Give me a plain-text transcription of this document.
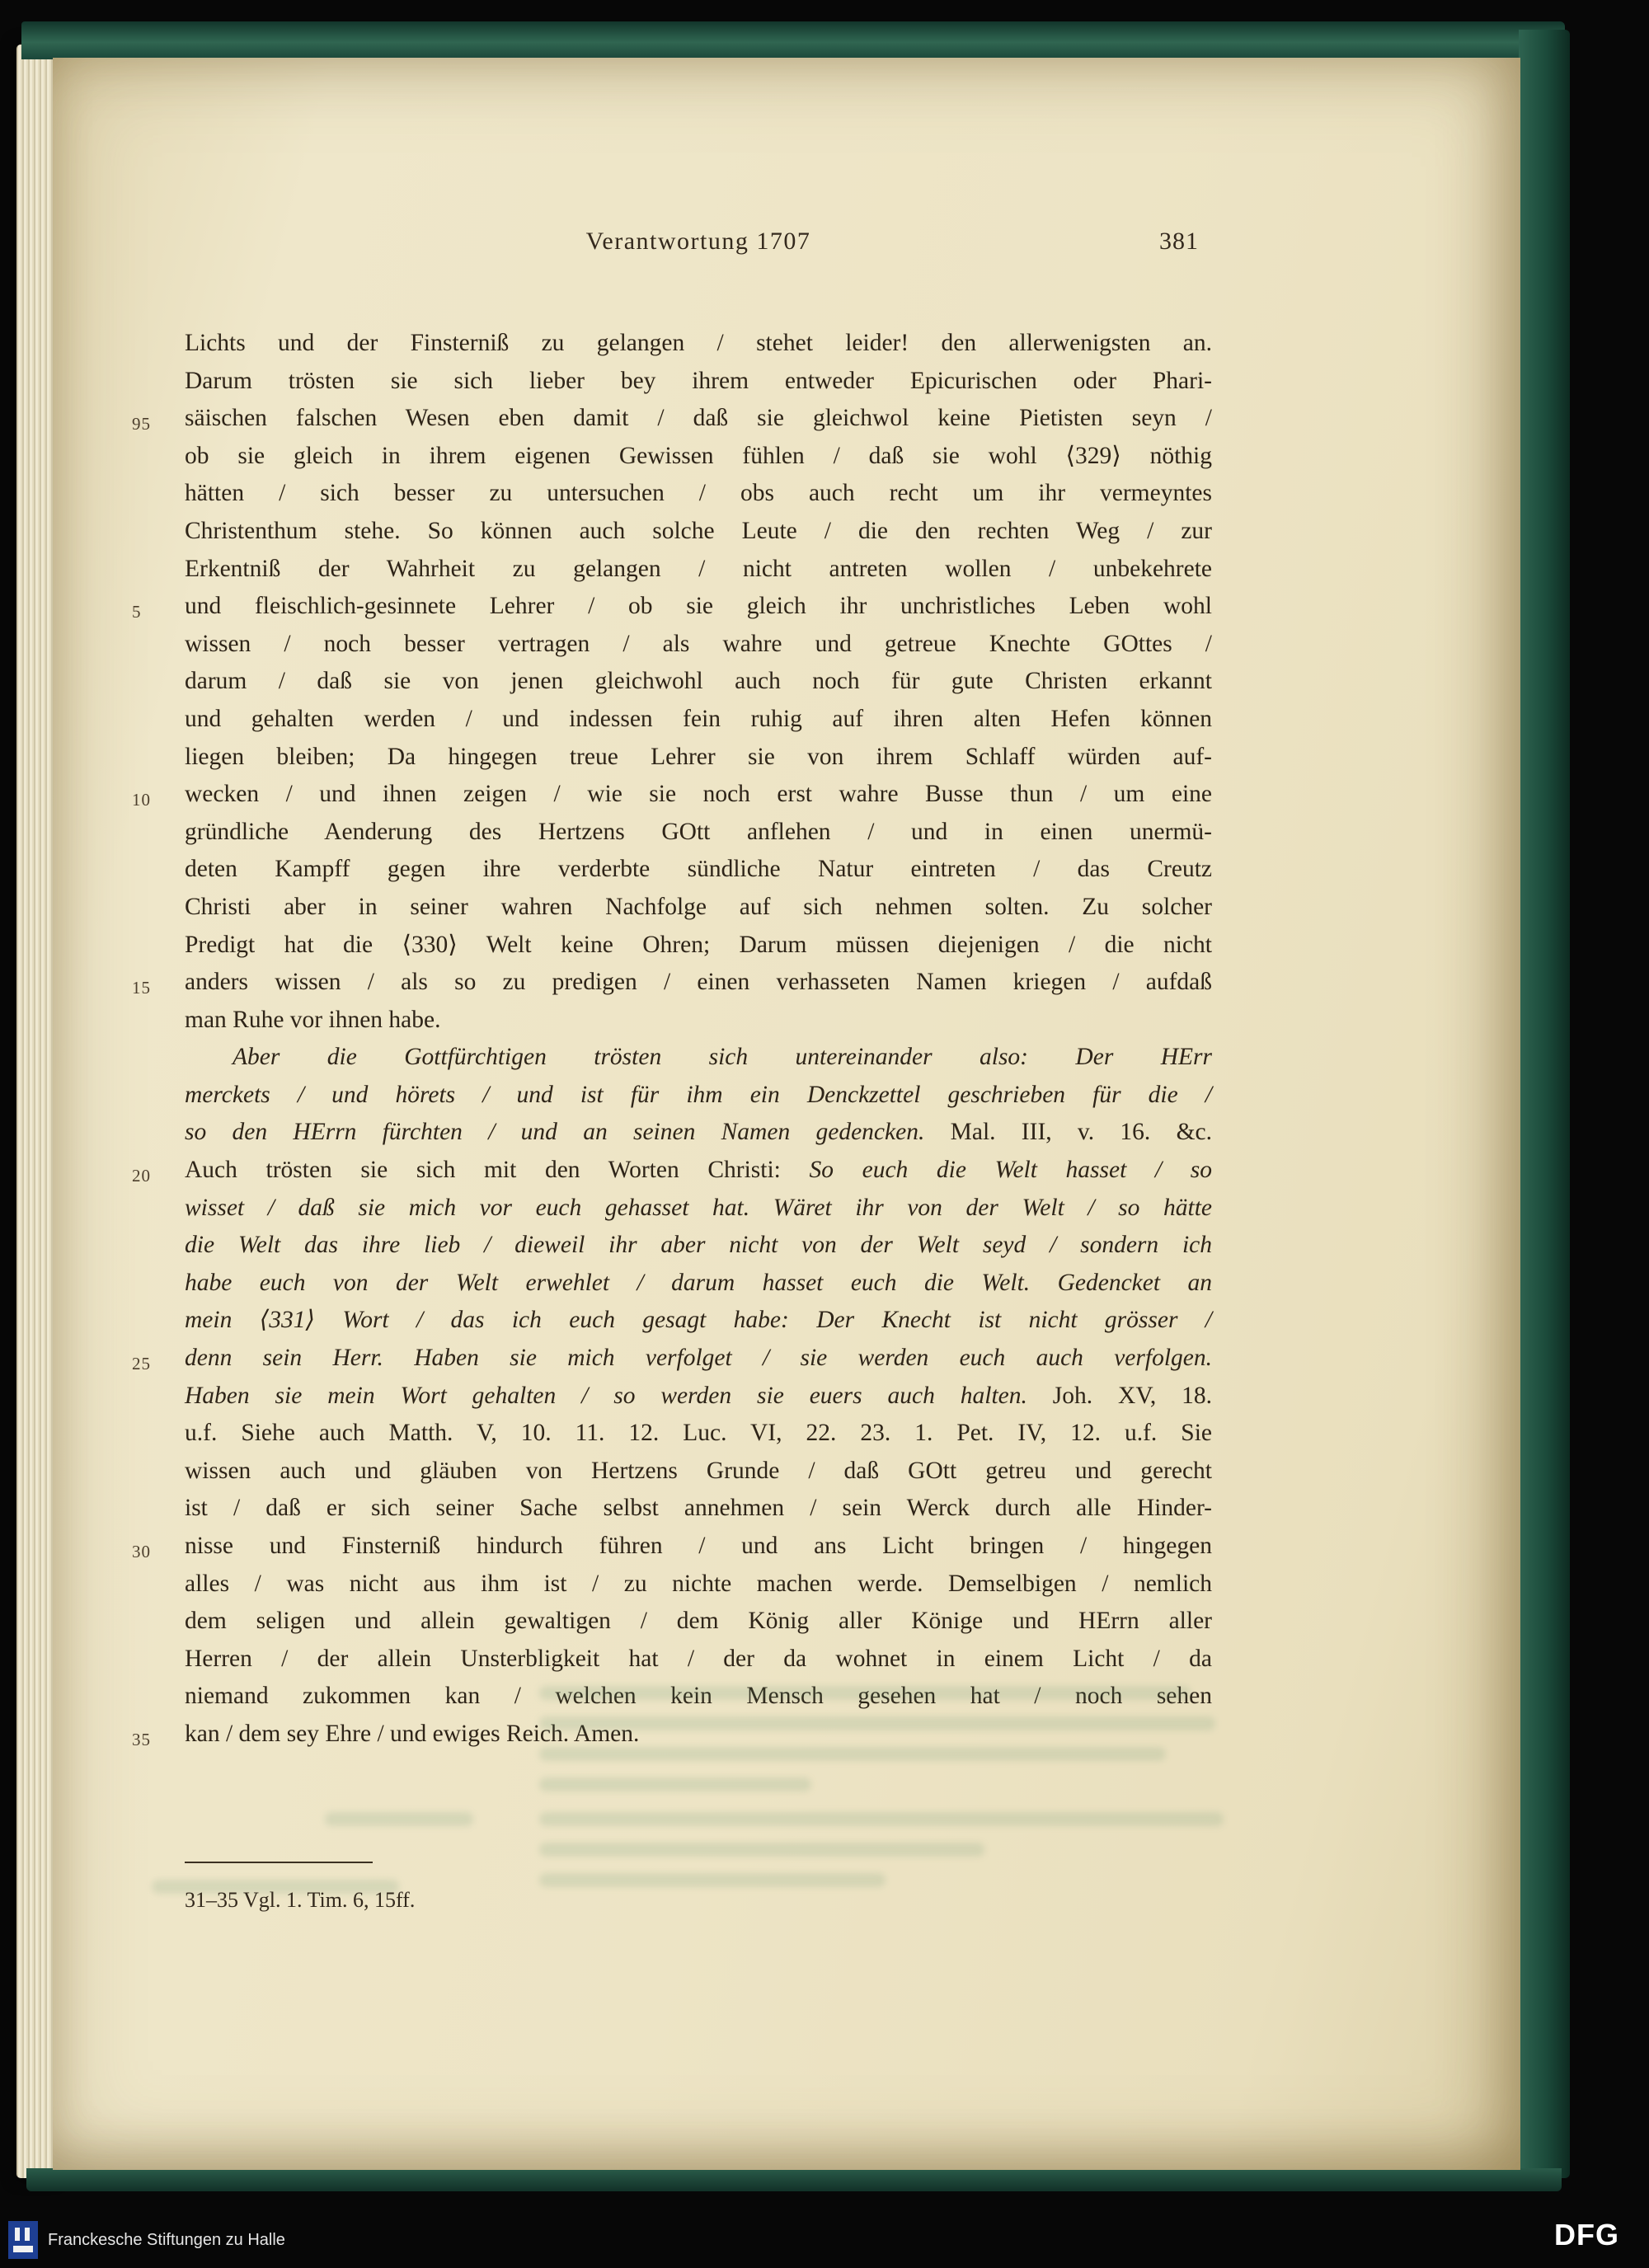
Verantwortung 1707	381
Lichts und der Finsterniß zu gelangen / stehet leider! den allerwenigsten an.
Darum trösten sie sich lieber bey ihrem entweder Epicurischen oder Phari-
95	säischen falschen Wesen eben damit / daß sie gleichwol keine Pietisten seyn /
ob sie gleich in ihrem eigenen Gewissen fühlen / daß sie wohl ⟨329⟩ nöthig
hätten / sich besser zu untersuchen / obs auch recht um ihr vermeyntes
Christenthum stehe. So können auch solche Leute / die den rechten Weg / zur
Erkentniß der Wahrheit zu gelangen / nicht antreten wollen / unbekehrete
5	und fleischlich-gesinnete Lehrer / ob sie gleich ihr unchristliches Leben wohl
wissen / noch besser vertragen / als wahre und getreue Knechte GOttes /
darum / daß sie von jenen gleichwohl auch noch für gute Christen erkannt
und gehalten werden / und indessen fein ruhig auf ihren alten Hefen können
liegen bleiben; Da hingegen treue Lehrer sie von ihrem Schlaff würden auf-
10	wecken / und ihnen zeigen / wie sie noch erst wahre Busse thun / um eine
gründliche Aenderung des Hertzens GOtt anflehen / und in einen unermü-
deten Kampff gegen ihre verderbte sündliche Natur eintreten / das Creutz
Christi aber in seiner wahren Nachfolge auf sich nehmen solten. Zu solcher
Predigt hat die ⟨330⟩ Welt keine Ohren; Darum müssen diejenigen / die nicht
15	anders wissen / als so zu predigen / einen verhasseten Namen kriegen / aufdaß
man Ruhe vor ihnen habe.
Aber die Gottfürchtigen trösten sich untereinander also: Der HErr
merckets / und hörets / und ist für ihm ein Denckzettel geschrieben für die /
so den HErrn fürchten / und an seinen Namen gedencken. Mal. III, v. 16. &c.
20	Auch trösten sie sich mit den Worten Christi: So euch die Welt hasset / so
wisset / daß sie mich vor euch gehasset hat. Wäret ihr von der Welt / so hätte
die Welt das ihre lieb / dieweil ihr aber nicht von der Welt seyd / sondern ich
habe euch von der Welt erwehlet / darum hasset euch die Welt. Gedencket an
mein ⟨331⟩ Wort / das ich euch gesagt habe: Der Knecht ist nicht grösser /
25	denn sein Herr. Haben sie mich verfolget / sie werden euch auch verfolgen.
Haben sie mein Wort gehalten / so werden sie euers auch halten. Joh. XV, 18.
u.f. Siehe auch Matth. V, 10. 11. 12. Luc. VI, 22. 23. 1. Pet. IV, 12. u.f. Sie
wissen auch und gläuben von Hertzens Grunde / daß GOtt getreu und gerecht
ist / daß er sich seiner Sache selbst annehmen / sein Werck durch alle Hinder-
30	nisse und Finsterniß hindurch führen / und ans Licht bringen / hingegen
alles / was nicht aus ihm ist / zu nichte machen werde. Demselbigen / nemlich
dem seligen und allein gewaltigen / dem König aller Könige und HErrn aller
Herren / der allein Unsterbligkeit hat / der da wohnet in einem Licht / da
niemand zukommen kan / welchen kein Mensch gesehen hat / noch sehen
35	kan / dem sey Ehre / und ewiges Reich. Amen.
31–35 Vgl. 1. Tim. 6, 15ff.
Franckesche Stiftungen zu Halle	DFG
